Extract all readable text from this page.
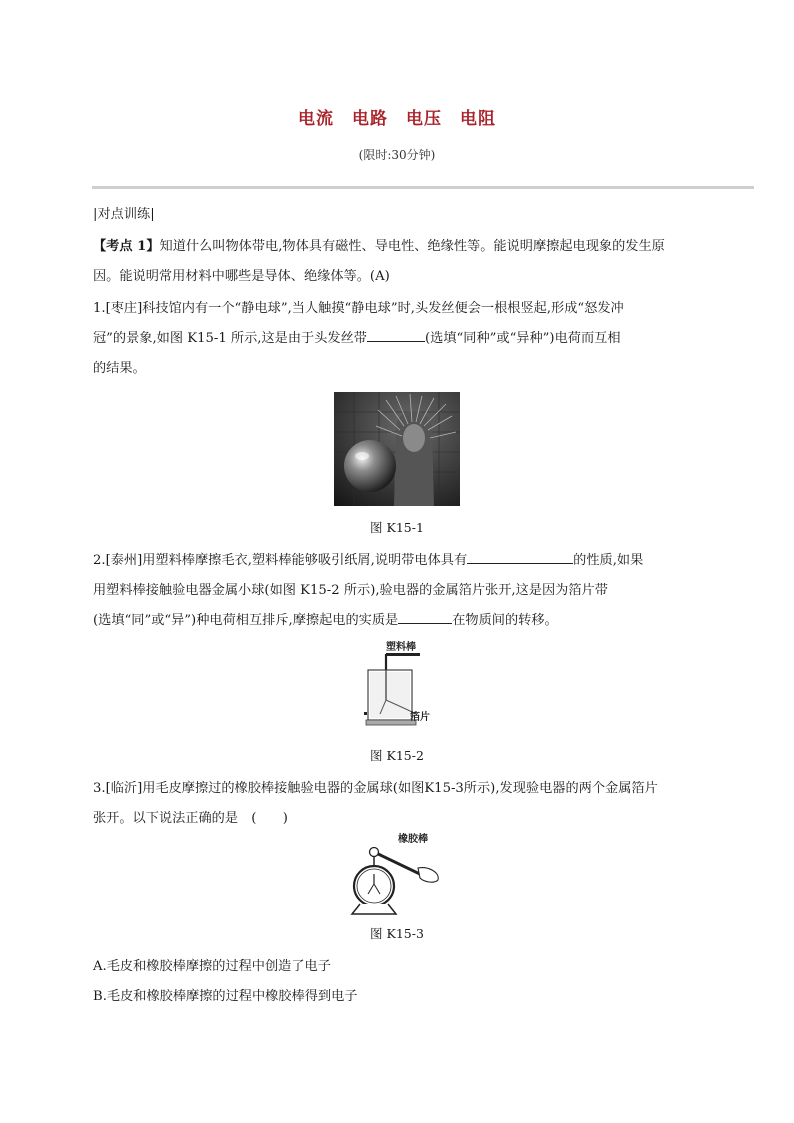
电流　电路　电压　电阻
(限时:30分钟)
|对点训练|
【考点 1】知道什么叫物体带电,物体具有磁性、导电性、绝缘性等。能说明摩擦起电现象的发生原
因。能说明常用材料中哪些是导体、绝缘体等。(A)
1.[枣庄]科技馆内有一个“静电球”,当人触摸“静电球”时,头发丝便会一根根竖起,形成“怒发冲
冠”的景象,如图 K15-1 所示,这是由于头发丝带	(选填“同种”或“异种”)电荷而互相
的结果。
图 K15-1
2.[泰州]用塑料棒摩擦毛衣,塑料棒能够吸引纸屑,说明带电体具有	的性质,如果
用塑料棒接触验电器金属小球(如图 K15-2 所示),验电器的金属箔片张开,这是因为箔片带
(选填“同”或“异”)种电荷相互排斥,摩擦起电的实质是	在物质间的转移。
塑料棒
箔片
图 K15-2
3.[临沂]用毛皮摩擦过的橡胶棒接触验电器的金属球(如图K15-3所示),发现验电器的两个金属箔片
张开。以下说法正确的是　(　　)
橡胶棒
图 K15-3
A.毛皮和橡胶棒摩擦的过程中创造了电子
B.毛皮和橡胶棒摩擦的过程中橡胶棒得到电子
